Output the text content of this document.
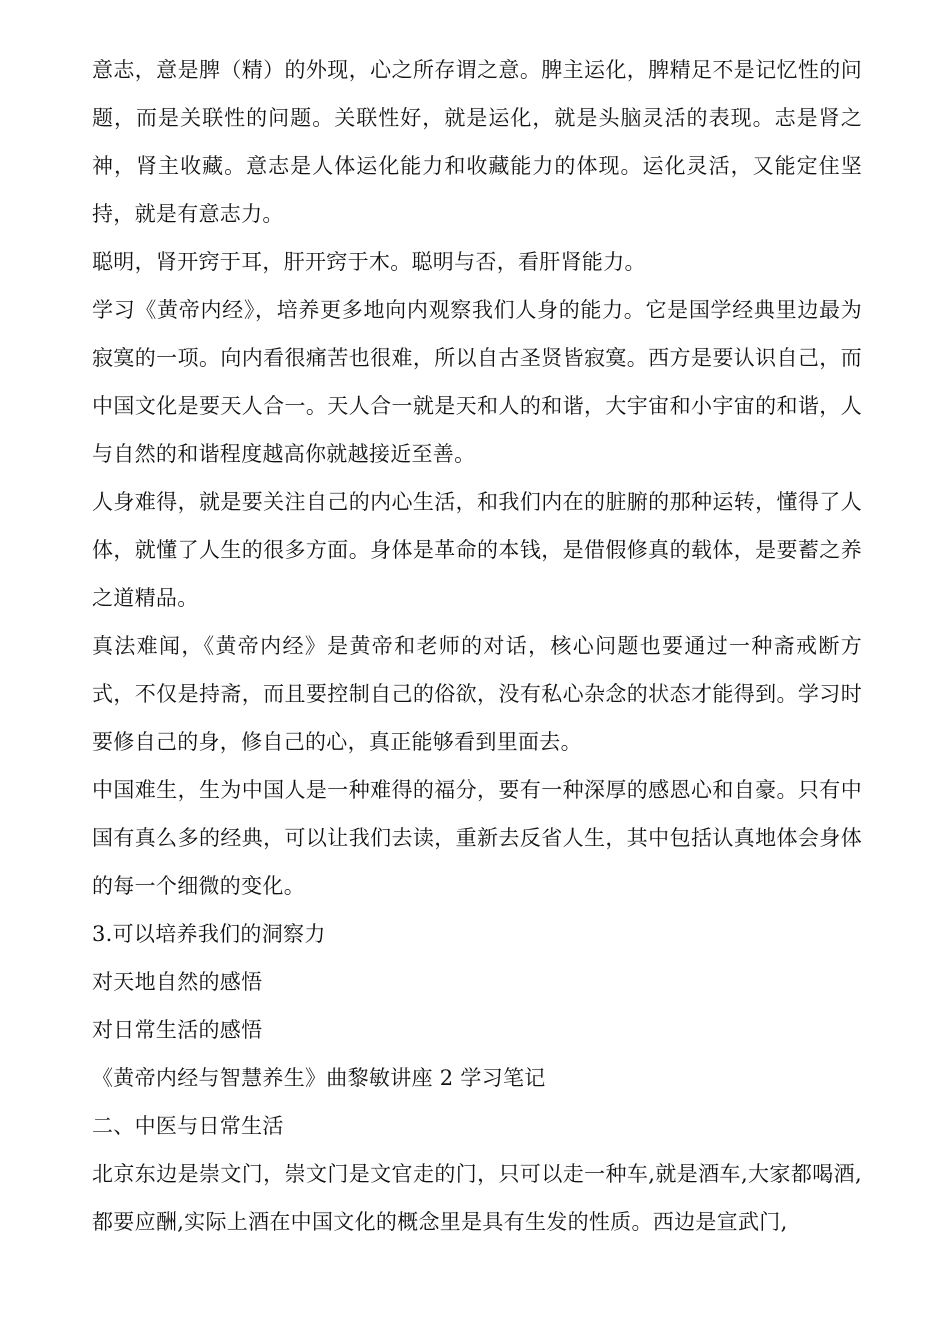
意志，意是脾（精）的外现，心之所存谓之意。脾主运化，脾精足不是记忆性的问题，而是关联性的问题。关联性好，就是运化，就是头脑灵活的表现。志是肾之神，肾主收藏。意志是人体运化能力和收藏能力的体现。运化灵活，又能定住坚持，就是有意志力。

聪明，肾开窍于耳，肝开窍于木。聪明与否，看肝肾能力。

学习《黄帝内经》，培养更多地向内观察我们人身的能力。它是国学经典里边最为寂寞的一项。向内看很痛苦也很难，所以自古圣贤皆寂寞。西方是要认识自己，而中国文化是要天人合一。天人合一就是天和人的和谐，大宇宙和小宇宙的和谐，人与自然的和谐程度越高你就越接近至善。

人身难得，就是要关注自己的内心生活，和我们内在的脏腑的那种运转，懂得了人体，就懂了人生的很多方面。身体是革命的本钱，是借假修真的载体，是要蓄之养之道精品。

真法难闻，《黄帝内经》是黄帝和老师的对话，核心问题也要通过一种斋戒断方式，不仅是持斋，而且要控制自己的俗欲，没有私心杂念的状态才能得到。学习时要修自己的身，修自己的心，真正能够看到里面去。

中国难生，生为中国人是一种难得的福分，要有一种深厚的感恩心和自豪。只有中国有真么多的经典，可以让我们去读，重新去反省人生，其中包括认真地体会身体的每一个细微的变化。

3.可以培养我们的洞察力

对天地自然的感悟

对日常生活的感悟

《黄帝内经与智慧养生》曲黎敏讲座 2 学习笔记

二、中医与日常生活

北京东边是崇文门，崇文门是文官走的门，只可以走一种车,就是酒车,大家都喝酒,都要应酬,实际上酒在中国文化的概念里是具有生发的性质。西边是宣武门,
